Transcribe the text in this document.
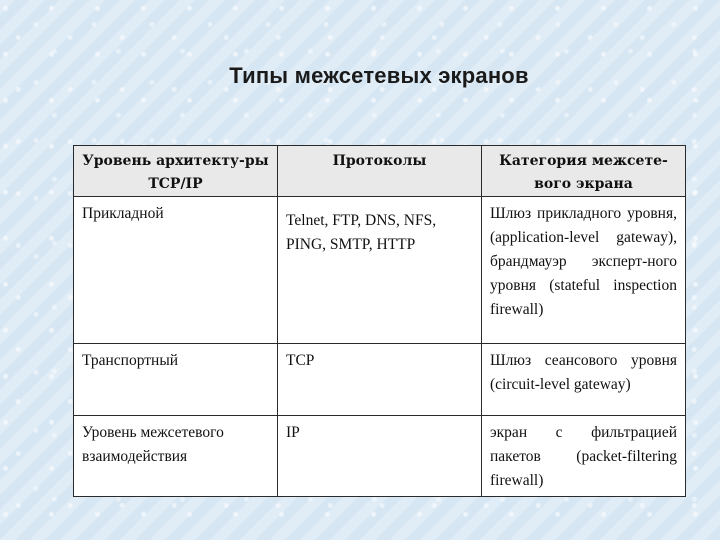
Типы межсетевых экранов
Уровень архитекту-ры TCP/IP	Протоколы	Категория межсете-вого экрана
Прикладной	Telnet, FTP, DNS, NFS, PING, SMTP, HTTP	Шлюз прикладного уровня, (application-level gateway), брандмауэр эксперт-ного уровня (stateful inspection firewall)
Транспортный	TCP	Шлюз сеансового уровня (circuit-level gateway)
Уровень межсетевого взаимодействия	IP	экран с фильтрацией пакетов (packet-filtering firewall)
